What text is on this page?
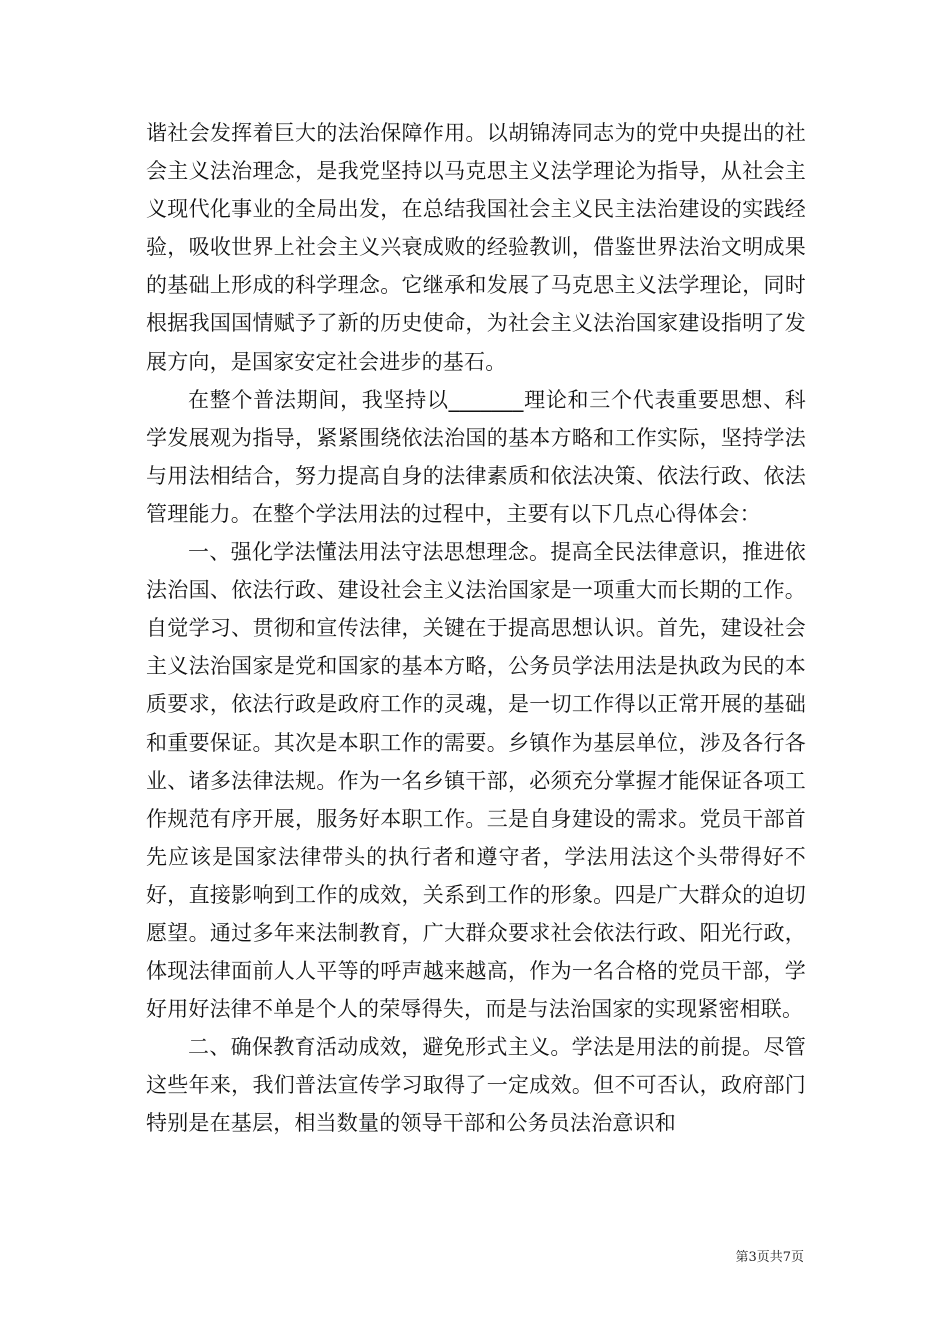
谐社会发挥着巨大的法治保障作用。以胡锦涛同志为的党中央提出的社会主义法治理念，是我党坚持以马克思主义法学理论为指导，从社会主义现代化事业的全局出发，在总结我国社会主义民主法治建设的实践经验，吸收世界上社会主义兴衰成败的经验教训，借鉴世界法治文明成果的基础上形成的科学理念。它继承和发展了马克思主义法学理论，同时根据我国国情赋予了新的历史使命，为社会主义法治国家建设指明了发展方向，是国家安定社会进步的基石。

在整个普法期间，我坚持以_______理论和三个代表重要思想、科学发展观为指导，紧紧围绕依法治国的基本方略和工作实际，坚持学法与用法相结合，努力提高自身的法律素质和依法决策、依法行政、依法管理能力。在整个学法用法的过程中，主要有以下几点心得体会：

一、强化学法懂法用法守法思想理念。提高全民法律意识，推进依法治国、依法行政、建设社会主义法治国家是一项重大而长期的工作。自觉学习、贯彻和宣传法律，关键在于提高思想认识。首先，建设社会主义法治国家是党和国家的基本方略，公务员学法用法是执政为民的本质要求，依法行政是政府工作的灵魂，是一切工作得以正常开展的基础和重要保证。其次是本职工作的需要。乡镇作为基层单位，涉及各行各业、诸多法律法规。作为一名乡镇干部，必须充分掌握才能保证各项工作规范有序开展，服务好本职工作。三是自身建设的需求。党员干部首先应该是国家法律带头的执行者和遵守者，学法用法这个头带得好不好，直接影响到工作的成效，关系到工作的形象。四是广大群众的迫切愿望。通过多年来法制教育，广大群众要求社会依法行政、阳光行政，体现法律面前人人平等的呼声越来越高，作为一名合格的党员干部，学好用好法律不单是个人的荣辱得失，而是与法治国家的实现紧密相联。

二、确保教育活动成效，避免形式主义。学法是用法的前提。尽管这些年来，我们普法宣传学习取得了一定成效。但不可否认，政府部门特别是在基层，相当数量的领导干部和公务员法治意识和

第3页共7页
